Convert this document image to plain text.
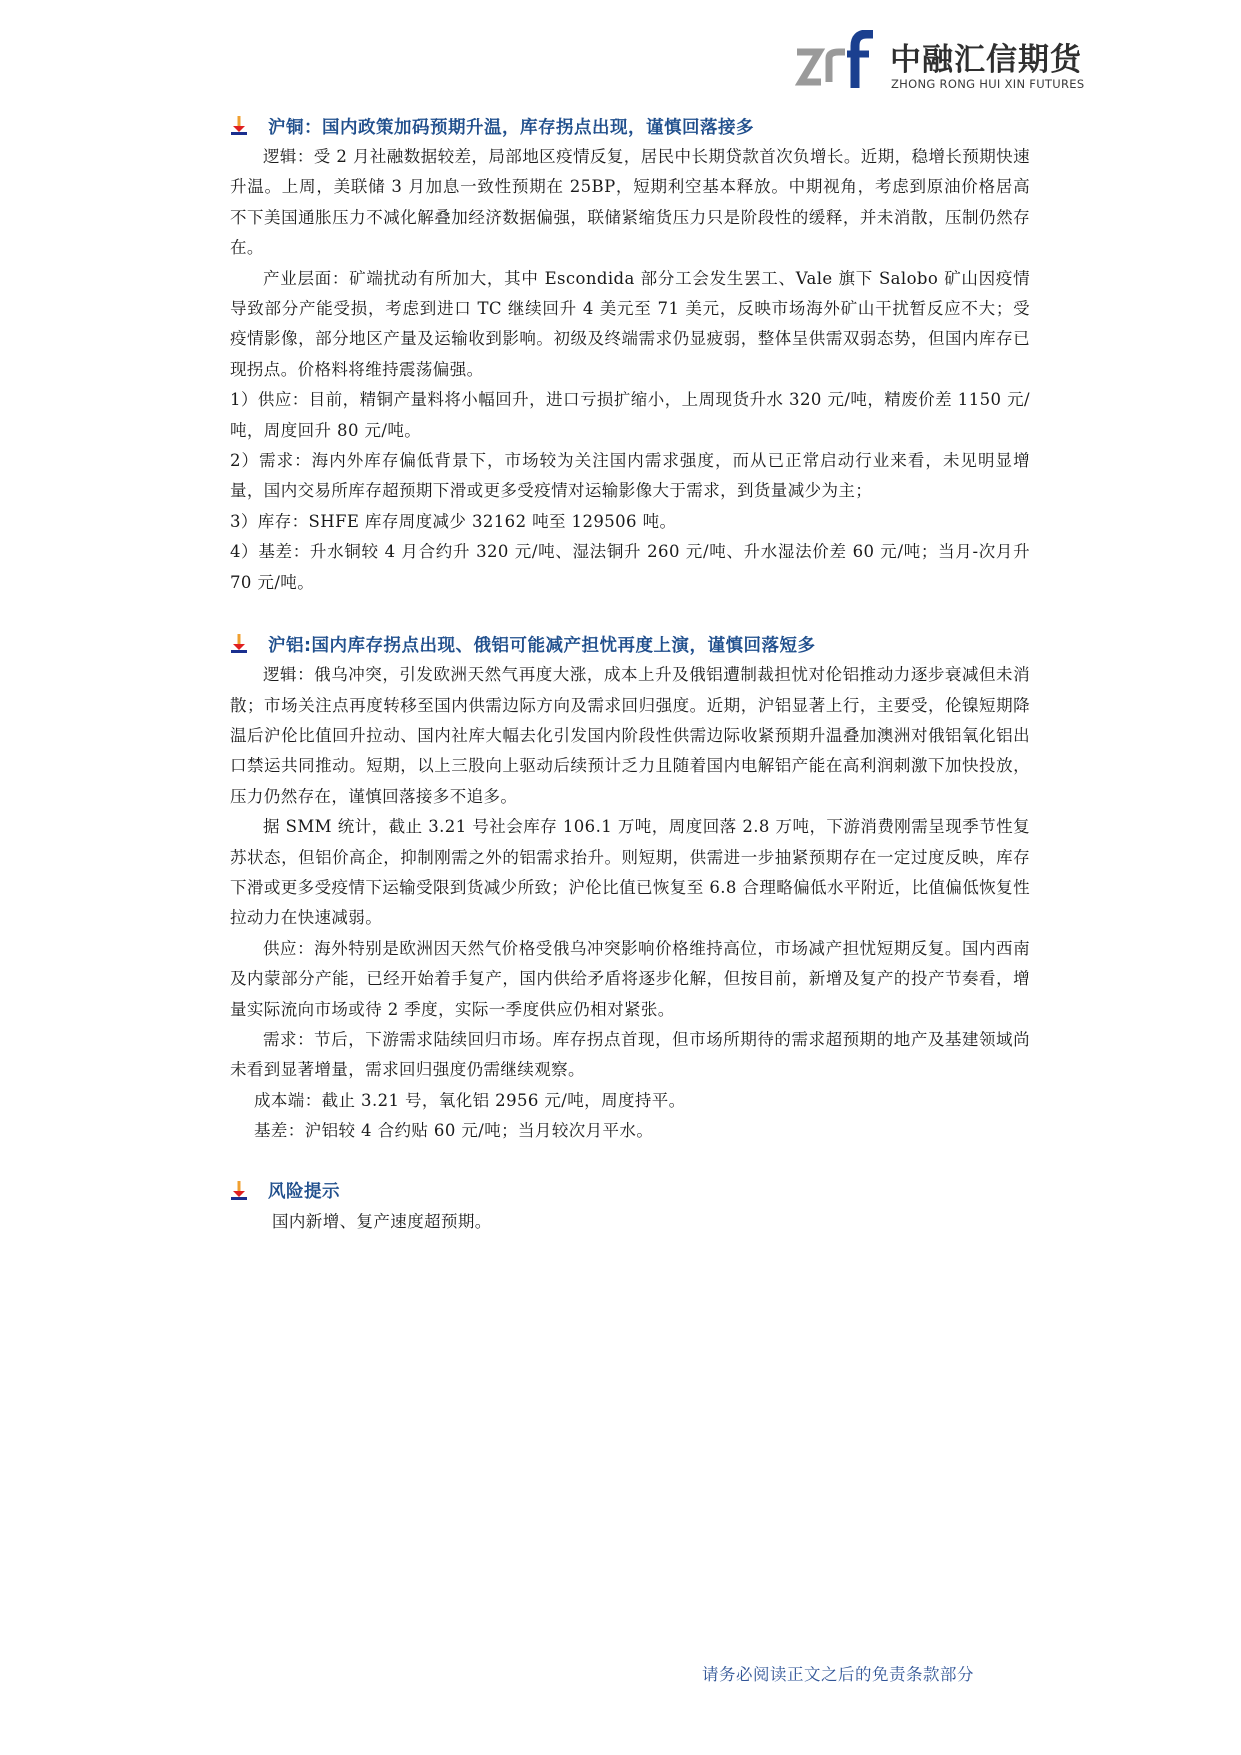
中融汇信期货
ZHONG RONG HUI XIN FUTURES
沪铜：国内政策加码预期升温，库存拐点出现，谨慎回落接多

逻辑：受 2 月社融数据较差，局部地区疫情反复，居民中长期贷款首次负增长。近期，稳增长预期快速升温。上周，美联储 3 月加息一致性预期在 25BP，短期利空基本释放。中期视角，考虑到原油价格居高不下美国通胀压力不减化解叠加经济数据偏强，联储紧缩货压力只是阶段性的缓释，并未消散，压制仍然存在。

产业层面：矿端扰动有所加大，其中 Escondida 部分工会发生罢工、Vale 旗下 Salobo 矿山因疫情导致部分产能受损，考虑到进口 TC 继续回升 4 美元至 71 美元，反映市场海外矿山干扰暂反应不大；受疫情影像，部分地区产量及运输收到影响。初级及终端需求仍显疲弱，整体呈供需双弱态势，但国内库存已现拐点。价格料将维持震荡偏强。

1）供应：目前，精铜产量料将小幅回升，进口亏损扩缩小，上周现货升水 320 元/吨，精废价差 1150 元/吨，周度回升 80 元/吨。

2）需求：海内外库存偏低背景下，市场较为关注国内需求强度，而从已正常启动行业来看，未见明显增量，国内交易所库存超预期下滑或更多受疫情对运输影像大于需求，到货量减少为主；

3）库存：SHFE 库存周度减少 32162 吨至 129506 吨。

4）基差：升水铜较 4 月合约升 320 元/吨、湿法铜升 260 元/吨、升水湿法价差 60 元/吨；当月-次月升 70 元/吨。

沪铝:国内库存拐点出现、俄铝可能减产担忧再度上演，谨慎回落短多

逻辑：俄乌冲突，引发欧洲天然气再度大涨，成本上升及俄铝遭制裁担忧对伦铝推动力逐步衰减但未消散；市场关注点再度转移至国内供需边际方向及需求回归强度。近期，沪铝显著上行，主要受，伦镍短期降温后沪伦比值回升拉动、国内社库大幅去化引发国内阶段性供需边际收紧预期升温叠加澳洲对俄铝氧化铝出口禁运共同推动。短期，以上三股向上驱动后续预计乏力且随着国内电解铝产能在高利润刺激下加快投放，压力仍然存在，谨慎回落接多不追多。

据 SMM 统计，截止 3.21 号社会库存 106.1 万吨，周度回落 2.8 万吨，下游消费刚需呈现季节性复苏状态，但铝价高企，抑制刚需之外的铝需求抬升。则短期，供需进一步抽紧预期存在一定过度反映，库存下滑或更多受疫情下运输受限到货减少所致；沪伦比值已恢复至 6.8 合理略偏低水平附近，比值偏低恢复性拉动力在快速减弱。

供应：海外特别是欧洲因天然气价格受俄乌冲突影响价格维持高位，市场减产担忧短期反复。国内西南及内蒙部分产能，已经开始着手复产，国内供给矛盾将逐步化解，但按目前，新增及复产的投产节奏看，增量实际流向市场或待 2 季度，实际一季度供应仍相对紧张。

需求：节后，下游需求陆续回归市场。库存拐点首现，但市场所期待的需求超预期的地产及基建领域尚未看到显著增量，需求回归强度仍需继续观察。

成本端：截止 3.21 号，氧化铝 2956 元/吨，周度持平。

基差：沪铝较 4 合约贴 60 元/吨；当月较次月平水。

风险提示

国内新增、复产速度超预期。

请务必阅读正文之后的免责条款部分
